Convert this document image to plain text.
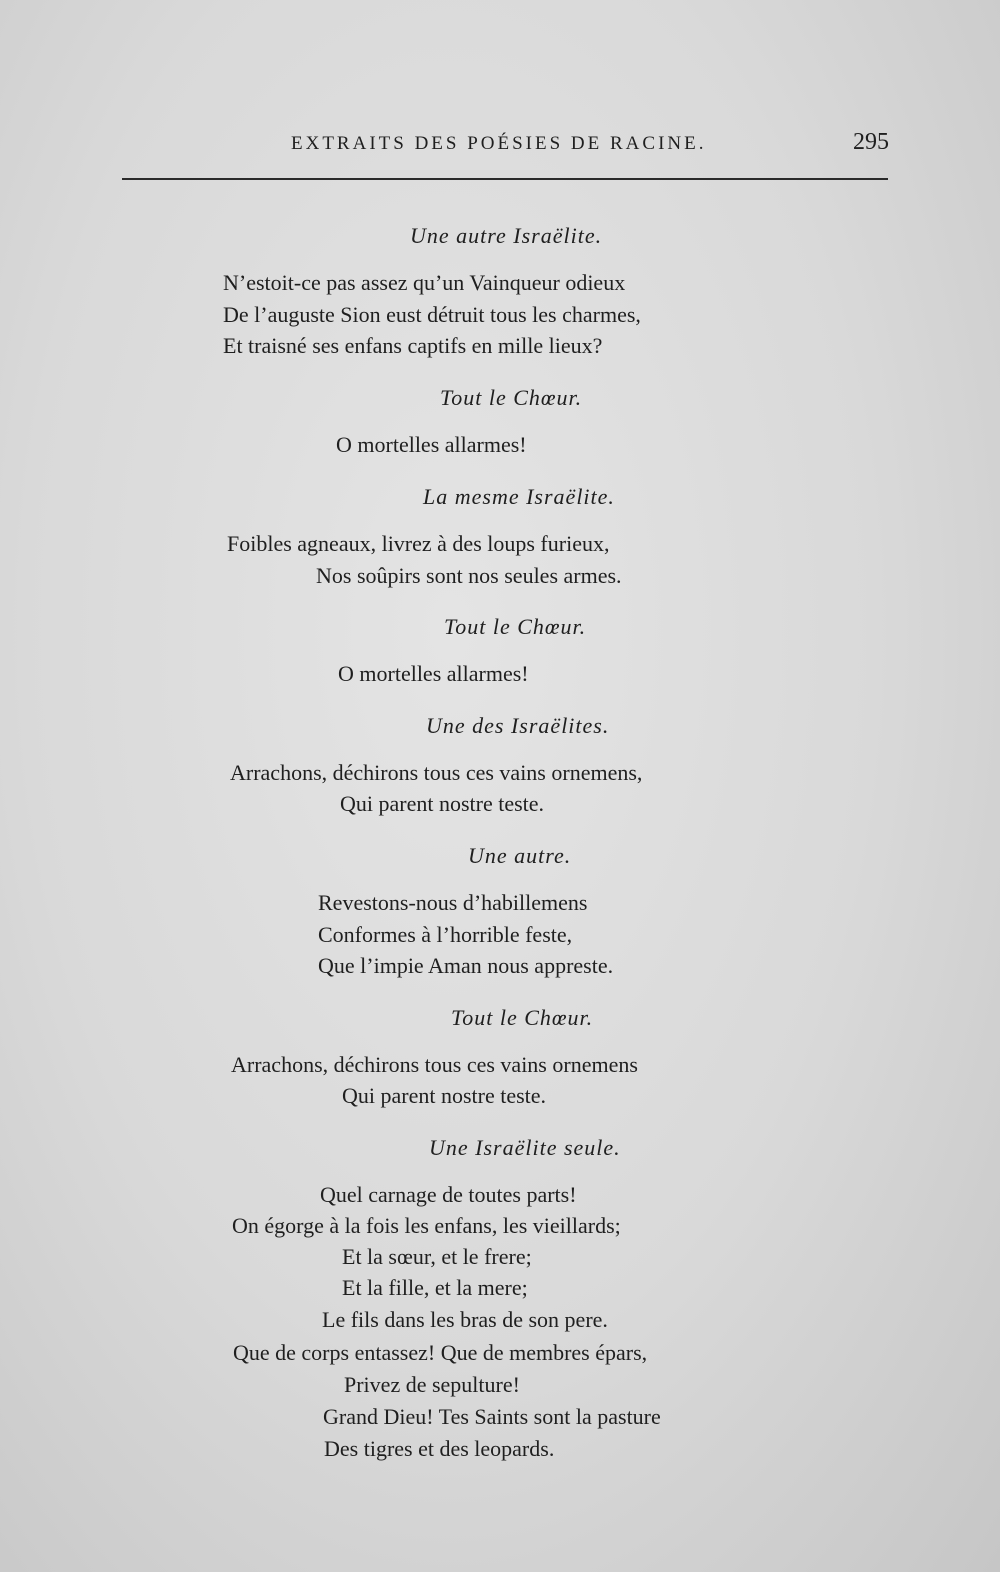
EXTRAITS DES POÉSIES DE RACINE.	295
Une autre Israëlite.
N’estoit-ce pas assez qu’un Vainqueur odieux
De l’auguste Sion eust détruit tous les charmes,
Et traisné ses enfans captifs en mille lieux?
Tout le Chœur.
O mortelles allarmes!
La mesme Israëlite.
Foibles agneaux, livrez à des loups furieux,
Nos soûpirs sont nos seules armes.
Tout le Chœur.
O mortelles allarmes!
Une des Israëlites.
Arrachons, déchirons tous ces vains ornemens,
Qui parent nostre teste.
Une autre.
Revestons-nous d’habillemens
Conformes à l’horrible feste,
Que l’impie Aman nous appreste.
Tout le Chœur.
Arrachons, déchirons tous ces vains ornemens
Qui parent nostre teste.
Une Israëlite seule.
Quel carnage de toutes parts!
On égorge à la fois les enfans, les vieillards;
Et la sœur, et le frere;
Et la fille, et la mere;
Le fils dans les bras de son pere.
Que de corps entassez! Que de membres épars,
Privez de sepulture!
Grand Dieu! Tes Saints sont la pasture
Des tigres et des leopards.
